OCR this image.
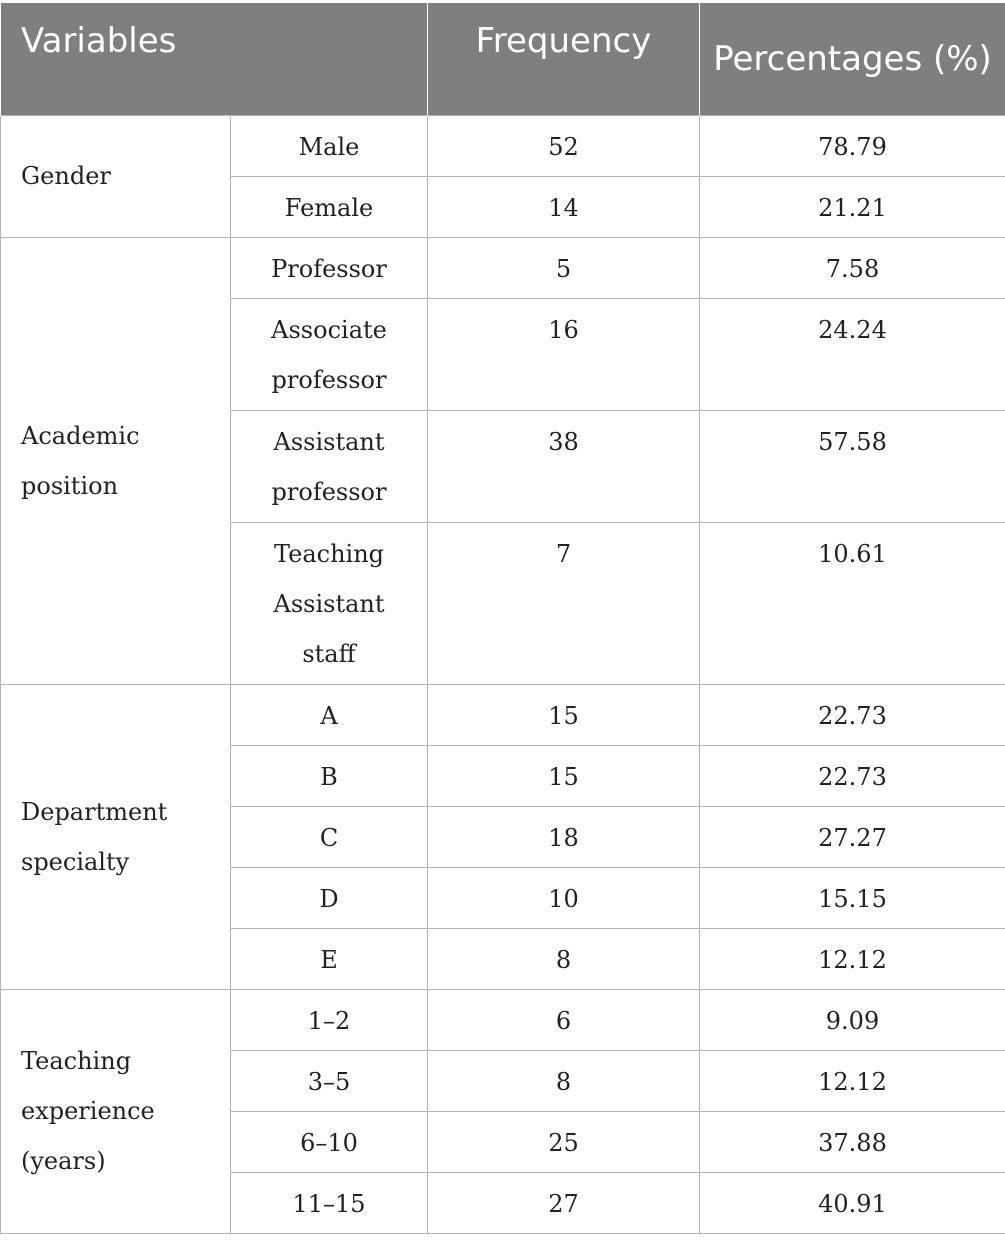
Variables		Frequency	Percentages (%)
Gender	Male	52	78.79
	Female	14	21.21
Academic position	Professor	5	7.58

	Associate professor	16	24.24

	Assistant professor	38	57.58

	Teaching Assistant staff	7	10.61

Department specialty	A	15	22.73
	B	15	22.73
	C	18	27.27
	D	10	15.15
	E	8	12.12

Teaching experience (years)	1–2	6	9.09
	3–5	8	12.12
	6–10	25	37.88
	11–15	27	40.91
